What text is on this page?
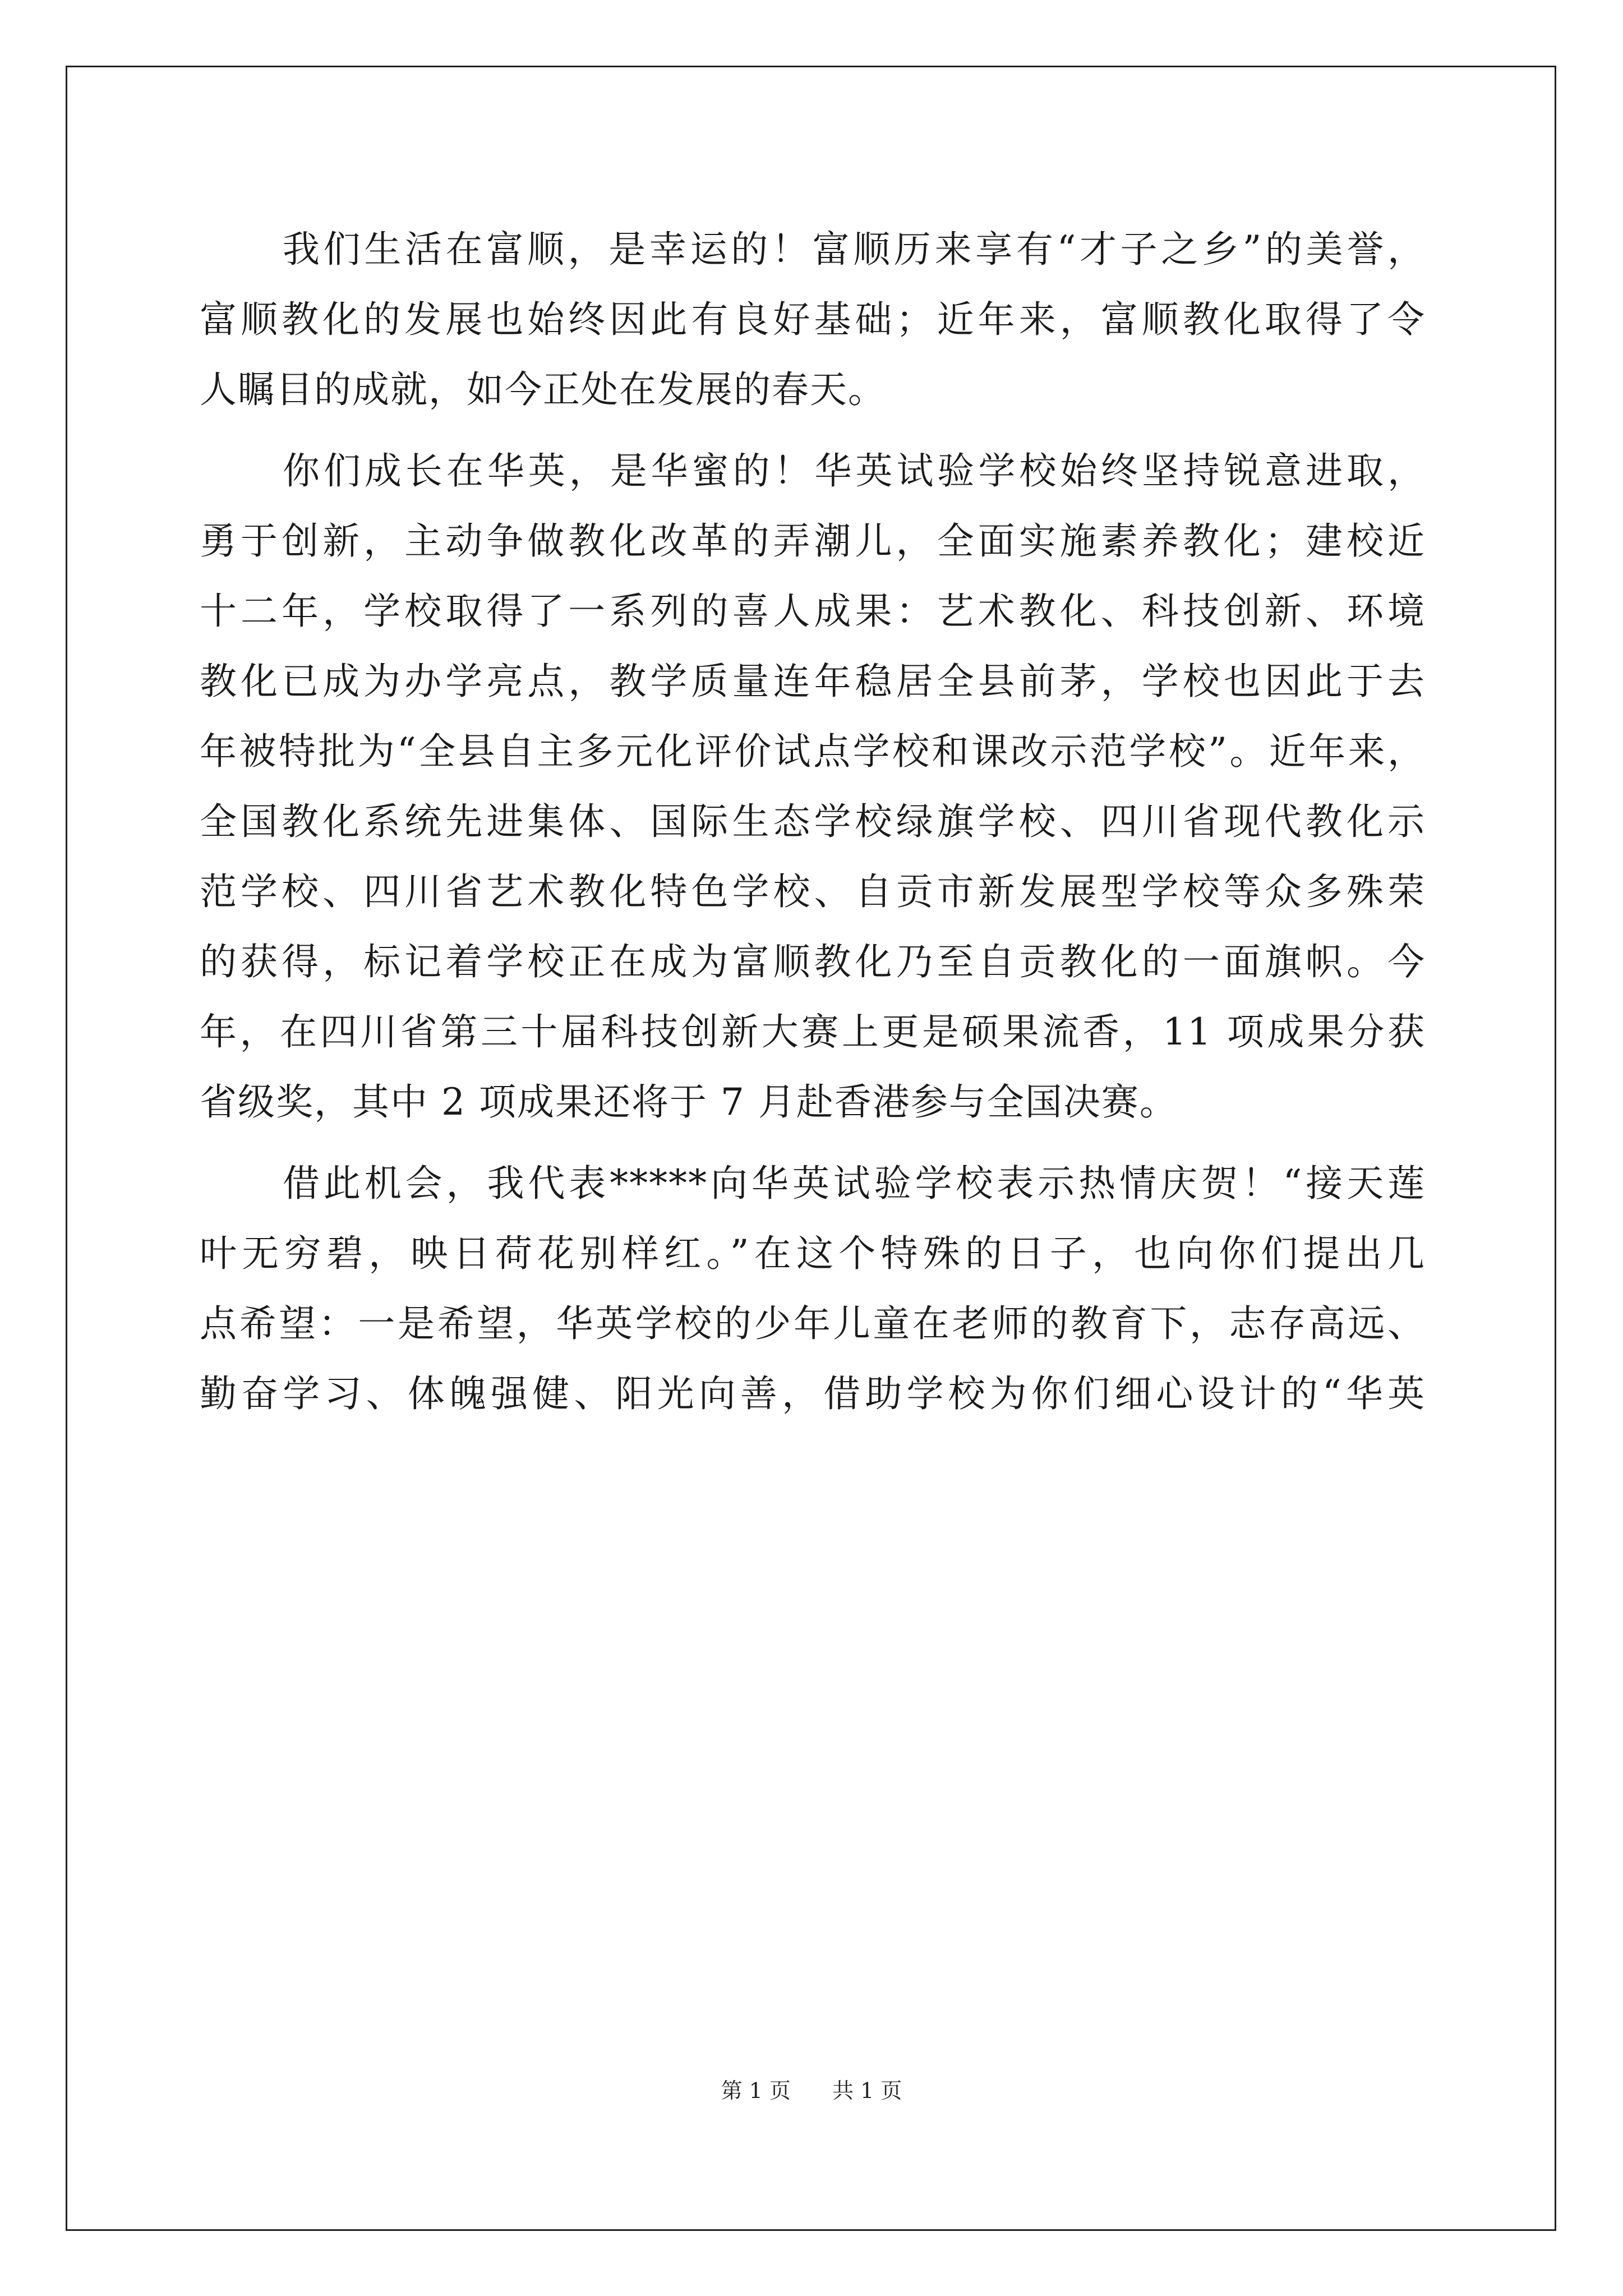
我们生活在富顺，是幸运的！富顺历来享有“才子之乡”的美誉，
富顺教化的发展也始终因此有良好基础；近年来，富顺教化取得了令
人瞩目的成就，如今正处在发展的春天。
你们成长在华英，是华蜜的！华英试验学校始终坚持锐意进取，
勇于创新，主动争做教化改革的弄潮儿，全面实施素养教化；建校近
十二年，学校取得了一系列的喜人成果：艺术教化、科技创新、环境
教化已成为办学亮点，教学质量连年稳居全县前茅，学校也因此于去
年被特批为“全县自主多元化评价试点学校和课改示范学校”。近年来，
全国教化系统先进集体、国际生态学校绿旗学校、四川省现代教化示
范学校、四川省艺术教化特色学校、自贡市新发展型学校等众多殊荣
的获得，标记着学校正在成为富顺教化乃至自贡教化的一面旗帜。今
年，在四川省第三十届科技创新大赛上更是硕果流香，11 项成果分获
省级奖，其中 2 项成果还将于 7 月赴香港参与全国决赛。
借此机会，我代表*****向华英试验学校表示热情庆贺！“接天莲
叶无穷碧，映日荷花别样红。”在这个特殊的日子，也向你们提出几
点希望：一是希望，华英学校的少年儿童在老师的教育下，志存高远、
勤奋学习、体魄强健、阳光向善，借助学校为你们细心设计的“华英
第 1 页 共 1 页
